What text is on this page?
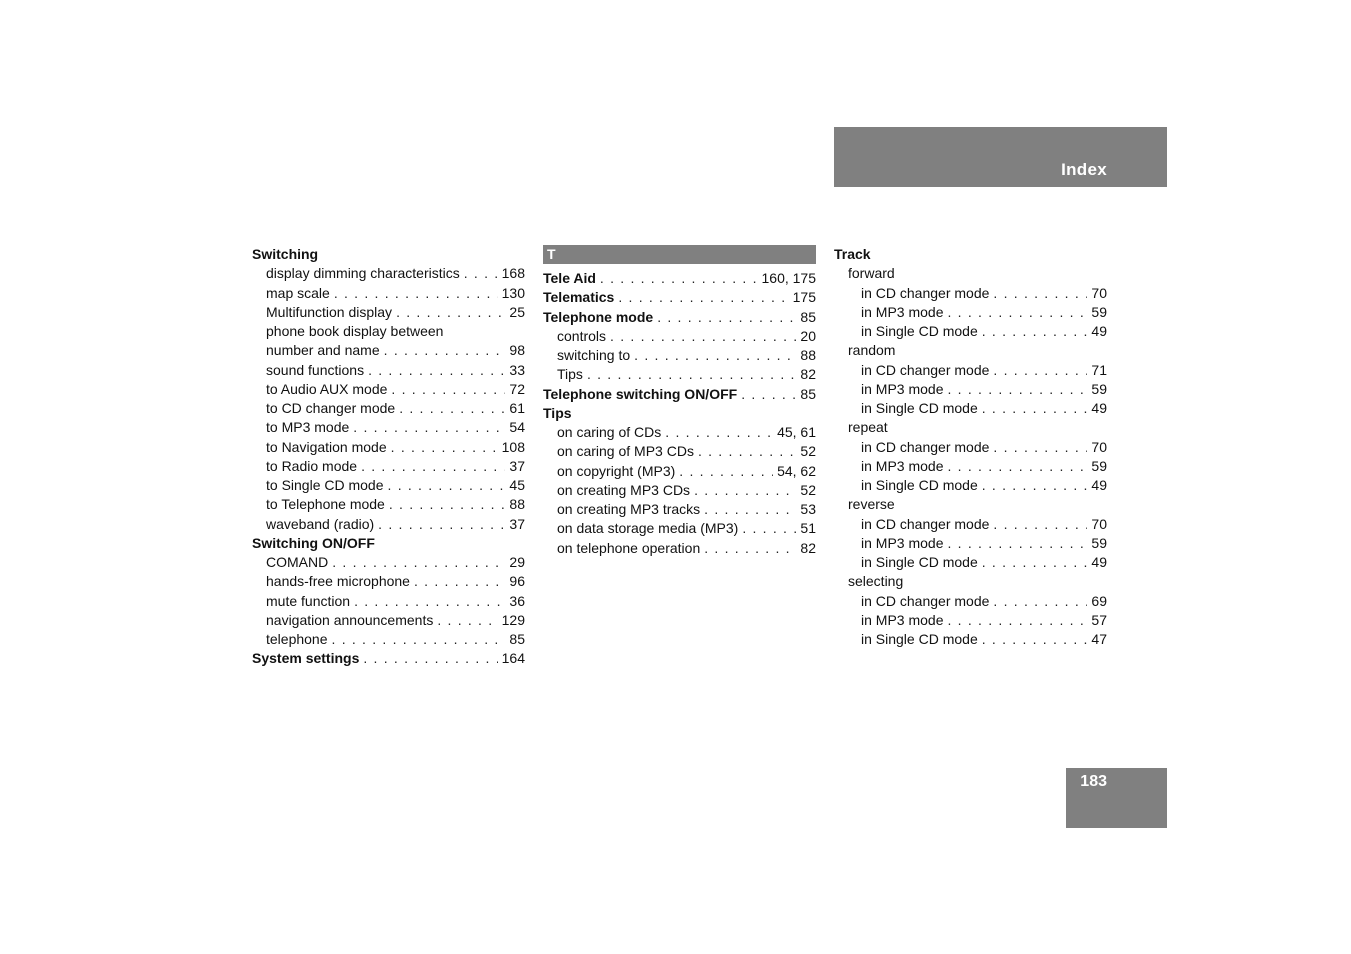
Index
Switching
display dimming characteristics . . .	168
map scale . . .	130
Multifunction display . . .	25
phone book display between
number and name . . .	98
sound functions . . .	33
to Audio AUX mode . . .	72
to CD changer mode . . .	61
to MP3 mode . . .	54
to Navigation mode . . .	108
to Radio mode . . .	37
to Single CD mode . . .	45
to Telephone mode . . .	88
waveband (radio) . . .	37
Switching ON/OFF
COMAND . . .	29
hands-free microphone . . .	96
mute function . . .	36
navigation announcements . . .	129
telephone . . .	85
System settings . . .	164
T
Tele Aid . . .	160, 175
Telematics . . .	175
Telephone mode . . .	85
controls . . .	20
switching to . . .	88
Tips . . .	82
Telephone switching ON/OFF . . .	85
Tips
on caring of CDs . . .	45, 61
on caring of MP3 CDs . . .	52
on copyright (MP3) . . .	54, 62
on creating MP3 CDs . . .	52
on creating MP3 tracks . . .	53
on data storage media (MP3) . . .	51
on telephone operation . . .	82
Track
forward
in CD changer mode . . .	70
in MP3 mode . . .	59
in Single CD mode . . .	49
random
in CD changer mode . . .	71
in MP3 mode . . .	59
in Single CD mode . . .	49
repeat
in CD changer mode . . .	70
in MP3 mode . . .	59
in Single CD mode . . .	49
reverse
in CD changer mode . . .	70
in MP3 mode . . .	59
in Single CD mode . . .	49
selecting
in CD changer mode . . .	69
in MP3 mode . . .	57
in Single CD mode . . .	47
183
